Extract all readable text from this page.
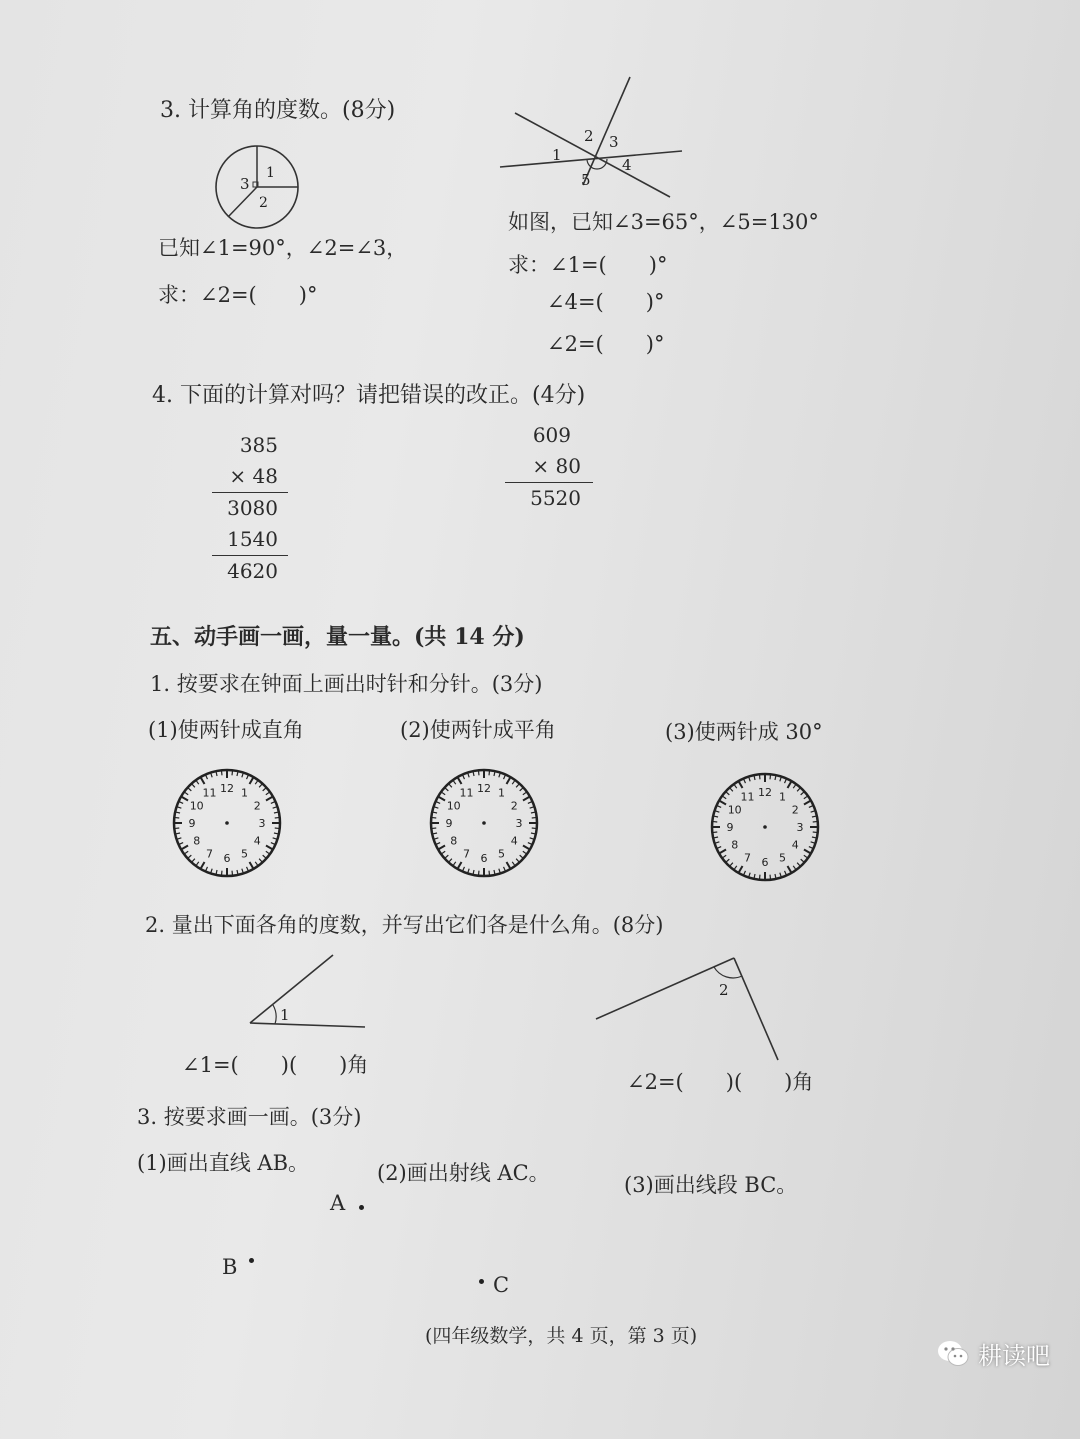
3. 计算角的度数。(8分)
3
1
2
已知∠1=90°，∠2=∠3，
求：∠2=(　　)°
1
2 3
4
5
如图，已知∠3=65°，∠5=130°
求：∠1=(　　)°
∠4=(　　)°
∠2=(　　)°
4. 下面的计算对吗？请把错误的改正。(4分)
385
× 48
3080
1540
4620
609
× 80
5520
五、动手画一画，量一量。(共 14 分)
1. 按要求在钟面上画出时针和分针。(3分)
(1)使两针成直角	(2)使两针成平角	(3)使两针成 30°
12 1
2
3
4
5
6
7
8
9
10
11	12 1
2
3
4
5
6
7
8
9
10
11	12 1
2
3
4
5
6
7
8
9
10
11
2. 量出下面各角的度数，并写出它们各是什么角。(8分)
1
2
∠1=(　　)(　　)角
∠2=(　　)(　　)角
3. 按要求画一画。(3分)
(1)画出直线 AB。	(2)画出射线 AC。	(3)画出线段 BC。
A
B
C
(四年级数学，共 4 页，第 3 页)
耕读吧
